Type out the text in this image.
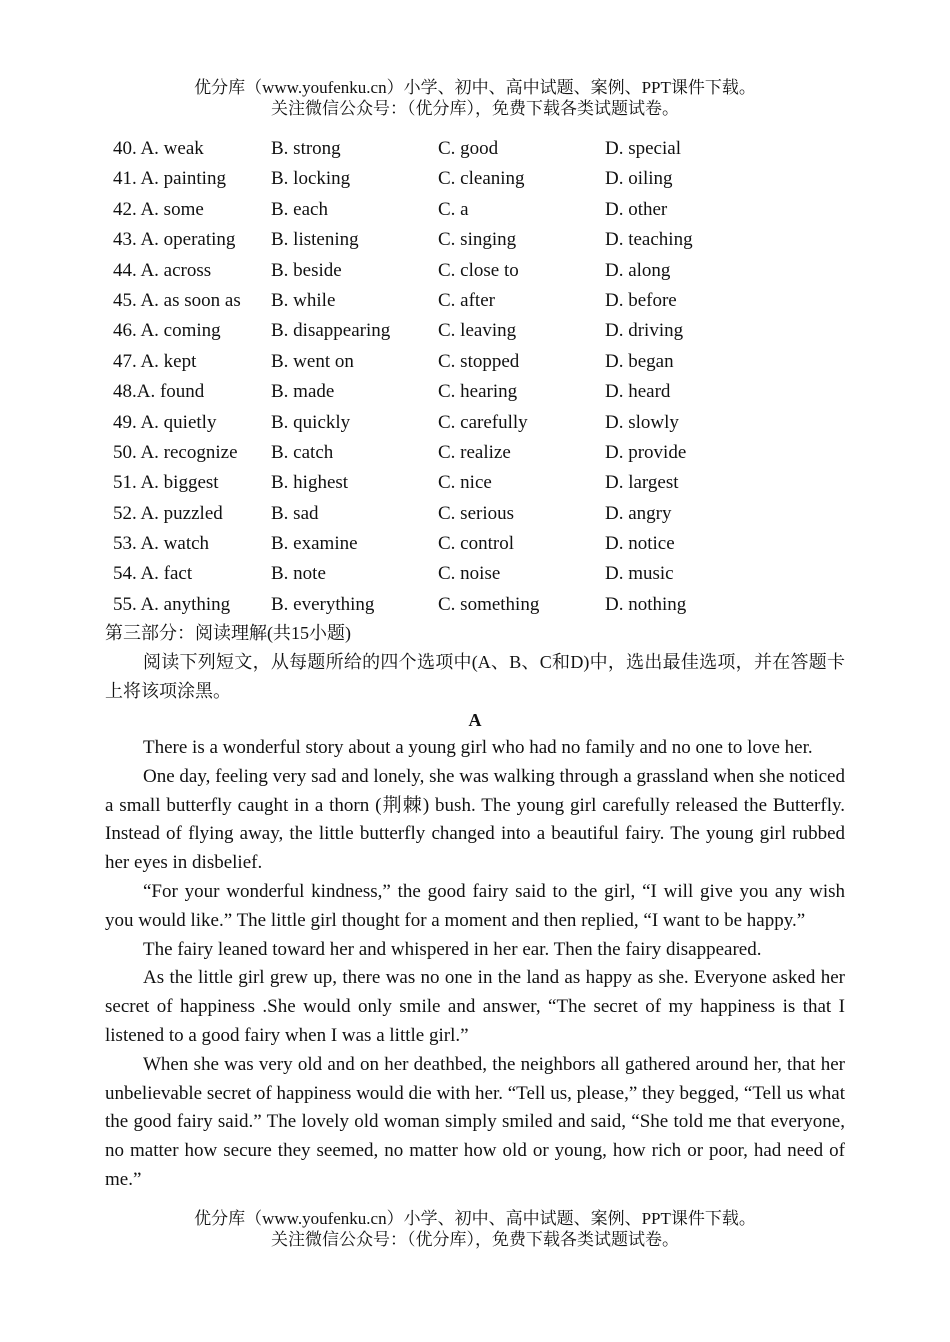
优分库（www.youfenku.cn）小学、初中、高中试题、案例、PPT课件下载。
关注微信公众号：（优分库），免费下载各类试题试卷。
40. A. weak	B. strong	C. good	D. special
41. A. painting B. locking	C. cleaning	D. oiling
42. A. some	B. each	C. a	D. other
43. A. operating B. listening	C. singing	D. teaching
44. A. across	B. beside	C. close to	D. along
45. A. as soon as B. while	C. after	D. before
46. A. coming	B. disappearing	C. leaving	D. driving
47. A. kept	B. went on	C. stopped	D. began
48.A. found	B. made	C. hearing	D. heard
49. A. quietly	B. quickly	C. carefully	D. slowly
50. A. recognize B. catch	C. realize	D. provide
51. A. biggest	B. highest	C. nice	D. largest
52. A. puzzled	B. sad	C. serious	D. angry
53. A. watch	B. examine	C. control	D. notice
54. A. fact	B. note	C. noise	D. music
55. A. anything B. everything	C. something	D. nothing
第三部分：阅读理解(共15小题)
阅读下列短文，从每题所给的四个选项中(A、B、C和D)中，选出最佳选项，并在答题卡上将该项涂黑。
A

There is a wonderful story about a young girl who had no family and no one to love her.

One day, feeling very sad and lonely, she was walking through a grassland when she noticed a small butterfly caught in a thorn (荆棘) bush. The young girl carefully released the Butterfly. Instead of flying away, the little butterfly changed into a beautiful fairy. The young girl rubbed her eyes in disbelief.

“For your wonderful kindness,” the good fairy said to the girl, “I will give you any wish you would like.” The little girl thought for a moment and then replied, “I want to be happy.”

The fairy leaned toward her and whispered in her ear. Then the fairy disappeared.

As the little girl grew up, there was no one in the land as happy as she. Everyone asked her secret of happiness .She would only smile and answer, “The secret of my happiness is that I listened to a good fairy when I was a little girl.”

When she was very old and on her deathbed, the neighbors all gathered around her, that her unbelievable secret of happiness would die with her. “Tell us, please,” they begged, “Tell us what the good fairy said.” The lovely old woman simply smiled and said, “She told me that everyone, no matter how secure they seemed, no matter how old or young, how rich or poor, had need of me.”

优分库（www.youfenku.cn）小学、初中、高中试题、案例、PPT课件下载。
关注微信公众号：（优分库），免费下载各类试题试卷。
